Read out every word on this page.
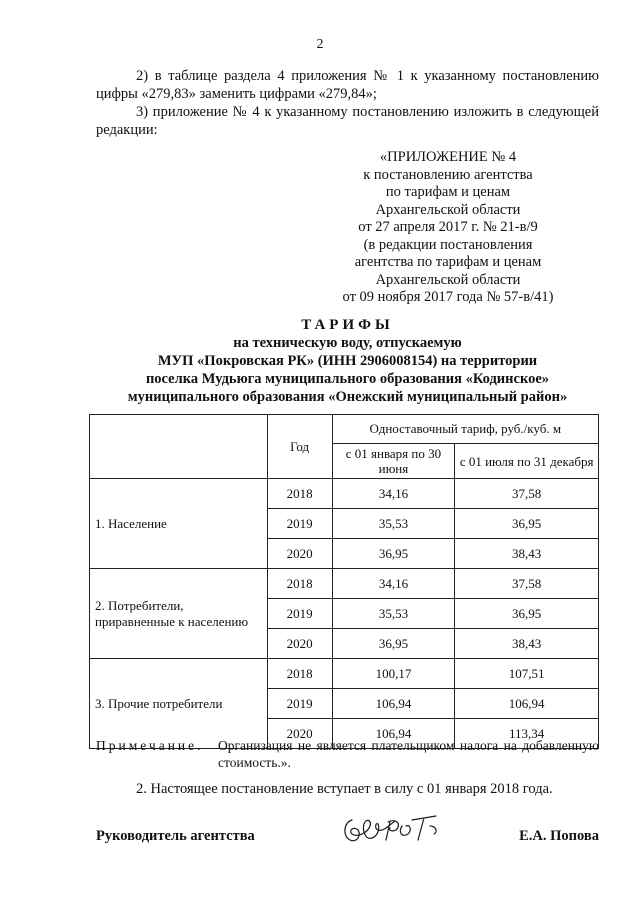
2
2) в таблице раздела 4 приложения № 1 к указанному постановлению цифры «279,83» заменить цифрами «279,84»;
3) приложение № 4 к указанному постановлению изложить в следующей редакции:
«ПРИЛОЖЕНИЕ № 4
к постановлению агентства
по тарифам и ценам
Архангельской области
от 27 апреля 2017 г. № 21-в/9
(в редакции постановления
агентства по тарифам и ценам
Архангельской области
от 09 ноября 2017 года № 57-в/41)
ТАРИФЫ
на техническую воду, отпускаемую
МУП «Покровская РК» (ИНН 2906008154) на территории
поселка Мудьюга муниципального образования «Кодинское»
муниципального образования «Онежский муниципальный район»
	Год	Одноставочный тариф, руб./куб. м	
		с 01 января по 30 июня	с 01 июля по 31 декабря
1. Население	2018	34,16	37,58
	2019	35,53	36,95
	2020	36,95	38,43
2. Потребители, приравненные к населению	2018	34,16	37,58
	2019	35,53	36,95
	2020	36,95	38,43
3. Прочие потребители	2018	100,17	107,51
	2019	106,94	106,94
	2020	106,94	113,34
Примечание. Организация не является плательщиком налога на добавленную стоимость.».
2. Настоящее постановление вступает в силу с 01 января 2018 года.
Руководитель агентства	Е.А. Попова
